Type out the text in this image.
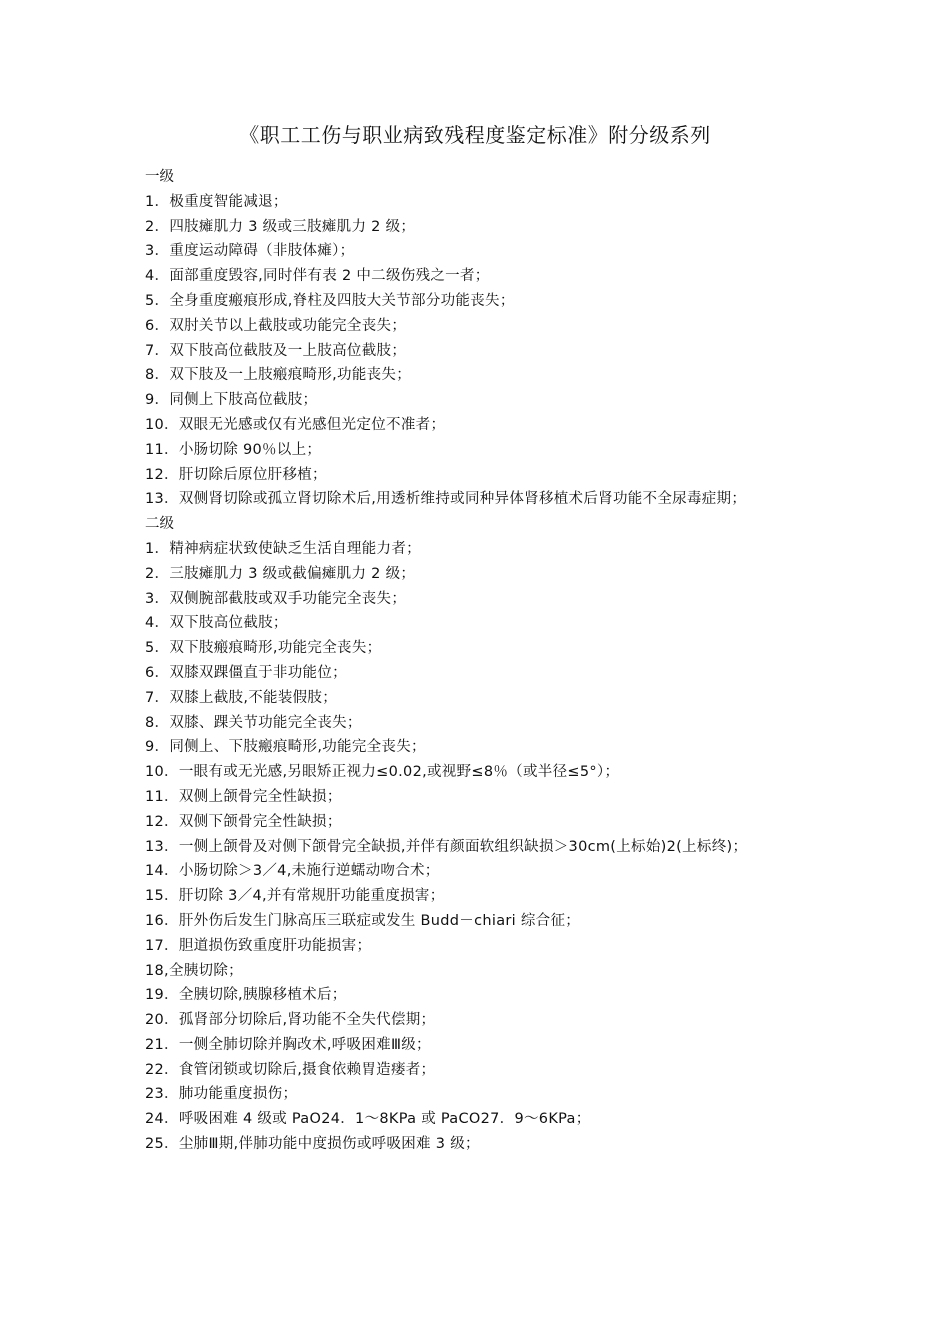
《职工工伤与职业病致残程度鉴定标准》附分级系列
一级
1．极重度智能减退；
2．四肢瘫肌力 3 级或三肢瘫肌力 2 级；
3．重度运动障碍（非肢体瘫）；
4．面部重度毁容,同时伴有表 2 中二级伤残之一者；
5．全身重度瘢痕形成,脊柱及四肢大关节部分功能丧失；
6．双肘关节以上截肢或功能完全丧失；
7．双下肢高位截肢及一上肢高位截肢；
8．双下肢及一上肢瘢痕畸形,功能丧失；
9．同侧上下肢高位截肢；
10．双眼无光感或仅有光感但光定位不准者；
11．小肠切除 90％以上；
12．肝切除后原位肝移植；
13．双侧肾切除或孤立肾切除术后,用透析维持或同种异体肾移植术后肾功能不全尿毒症期；
二级
1．精神病症状致使缺乏生活自理能力者；
2．三肢瘫肌力 3 级或截偏瘫肌力 2 级；
3．双侧腕部截肢或双手功能完全丧失；
4．双下肢高位截肢；
5．双下肢瘢痕畸形,功能完全丧失；
6．双膝双踝僵直于非功能位；
7．双膝上截肢,不能装假肢；
8．双膝、踝关节功能完全丧失；
9．同侧上、下肢瘢痕畸形,功能完全丧失；
10．一眼有或无光感,另眼矫正视力≤0.02,或视野≤8％（或半径≤5°）；
11．双侧上颌骨完全性缺损；
12．双侧下颌骨完全性缺损；
13．一侧上颌骨及对侧下颌骨完全缺损,并伴有颜面软组织缺损＞30cm(上标始)2(上标终)；
14．小肠切除＞3／4,未施行逆蠕动吻合术；
15．肝切除 3／4,并有常规肝功能重度损害；
16．肝外伤后发生门脉高压三联症或发生 Budd－chiari 综合征；
17．胆道损伤致重度肝功能损害；
18,全胰切除；
19．全胰切除,胰腺移植术后；
20．孤肾部分切除后,肾功能不全失代偿期；
21．一侧全肺切除并胸改术,呼吸困难Ⅲ级；
22．食管闭锁或切除后,摄食依赖胃造瘘者；
23．肺功能重度损伤；
24．呼吸困难 4 级或 PaO24．1～8KPa 或 PaCO27．9～6KPa；
25．尘肺Ⅲ期,伴肺功能中度损伤或呼吸困难 3 级；
